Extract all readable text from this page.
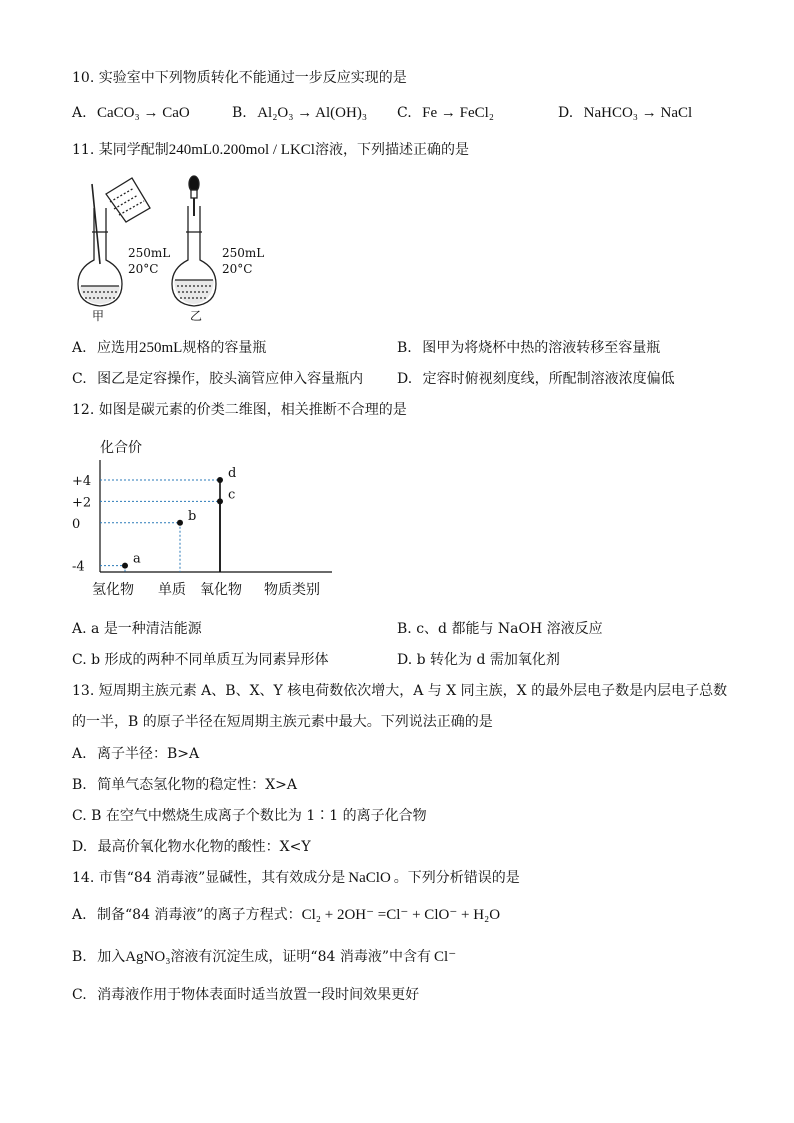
10. 实验室中下列物质转化不能通过一步反应实现的是
A. CaCO₃ → CaO	B. Al₂O₃ → Al(OH)₃ C. Fe → FeCl₂	D. NaHCO₃ → NaCl
11. 某同学配制240mL0.200mol / LKCl溶液，下列描述正确的是
250mL
20°C
甲
250mL
20°C
乙
A. 应选用250mL规格的容量瓶	B. 图甲为将烧杯中热的溶液转移至容量瓶
C. 图乙是定容操作，胶头滴管应伸入容量瓶内 D. 定容时俯视刻度线，所配制溶液浓度偏低
12. 如图是碳元素的价类二维图，相关推断不合理的是
化合价
物质类别
+4
+2
0
-4
氢化物 单质 氧化物
a
b
c
d
A. a 是一种清洁能源	B. c、d 都能与 NaOH 溶液反应
C. b 形成的两种不同单质互为同素异形体	D. b 转化为 d 需加氧化剂
13. 短周期主族元素 A、B、X、Y 核电荷数依次增大，A 与 X 同主族，X 的最外层电子数是内层电子总数
的一半，B 的原子半径在短周期主族元素中最大。下列说法正确的是
A. 离子半径：B>A
B. 简单气态氢化物的稳定性：X>A
C. B 在空气中燃烧生成离子个数比为 1∶1 的离子化合物
D. 最高价氧化物水化物的酸性：X<Y
14. 市售“84 消毒液”显碱性，其有效成分是 NaClO 。下列分析错误的是
A. 制备“84 消毒液”的离子方程式：Cl₂ + 2OH⁻ =Cl⁻ + ClO⁻ + H₂O
B. 加入AgNO₃溶液有沉淀生成，证明“84 消毒液”中含有 Cl⁻
C. 消毒液作用于物体表面时适当放置一段时间效果更好
